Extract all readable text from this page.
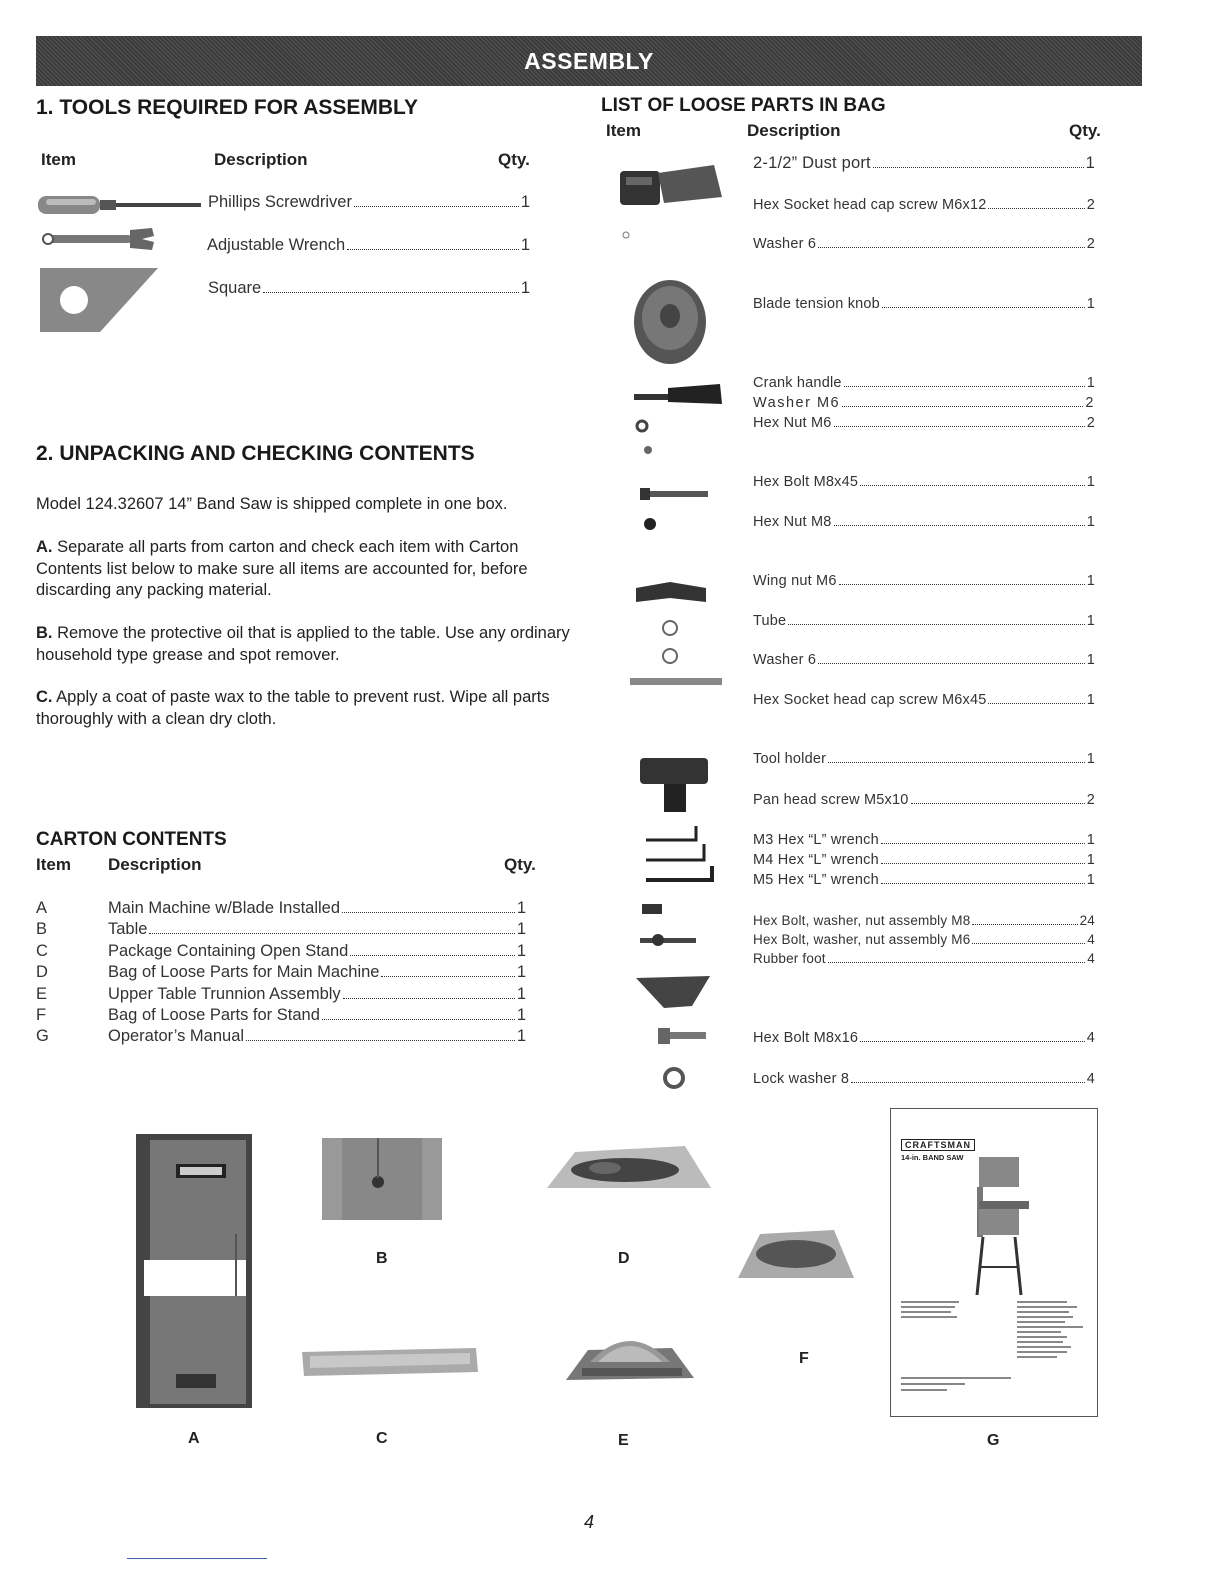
ASSEMBLY
1. TOOLS REQUIRED FOR ASSEMBLY
Item	Description	Qty.
Phillips Screwdriver	1
Adjustable Wrench	1
Square	1
2. UNPACKING AND CHECKING CONTENTS
Model 124.32607 14” Band Saw is shipped complete in one box.
A. Separate all parts from carton and check each item with Carton Contents list below to make sure all items are accounted for, before discarding any packing material.
B. Remove the protective oil that is applied to the table. Use any ordinary household type grease and spot remover.
C. Apply a coat of paste wax to the table to prevent rust. Wipe all parts thoroughly with a clean dry cloth.
CARTON CONTENTS
Item Description	Qty.
A	Main Machine w/Blade Installed	1
B	Table	1
C	Package Containing Open Stand	1
D	Bag of Loose Parts for Main Machine	1
E	Upper Table Trunnion Assembly	1
F	Bag of Loose Parts for Stand	1
G	Operator’s Manual	1
LIST OF LOOSE PARTS IN BAG
Item	Description	Qty.
2-1/2” Dust port	1
Hex Socket head cap screw M6x12	2
Washer 6	2
Blade tension knob	1
Crank handle	1
Washer M6	2
Hex Nut M6	2
Hex Bolt M8x45	1
Hex Nut M8	1
Wing nut M6	1
Tube	1
Washer 6	1
Hex Socket head cap screw M6x45	1
Tool holder	1
Pan head screw M5x10	2
M3 Hex “L” wrench	1
M4 Hex “L” wrench	1
M5 Hex “L” wrench	1
Hex Bolt, washer, nut assembly M8	24
Hex Bolt, washer, nut assembly M6	4
Rubber foot	4
Hex Bolt M8x16	4
Lock washer 8	4
A
B
C
D
E
F
CRAFTSMAN
14-in. BAND SAW
G
4
